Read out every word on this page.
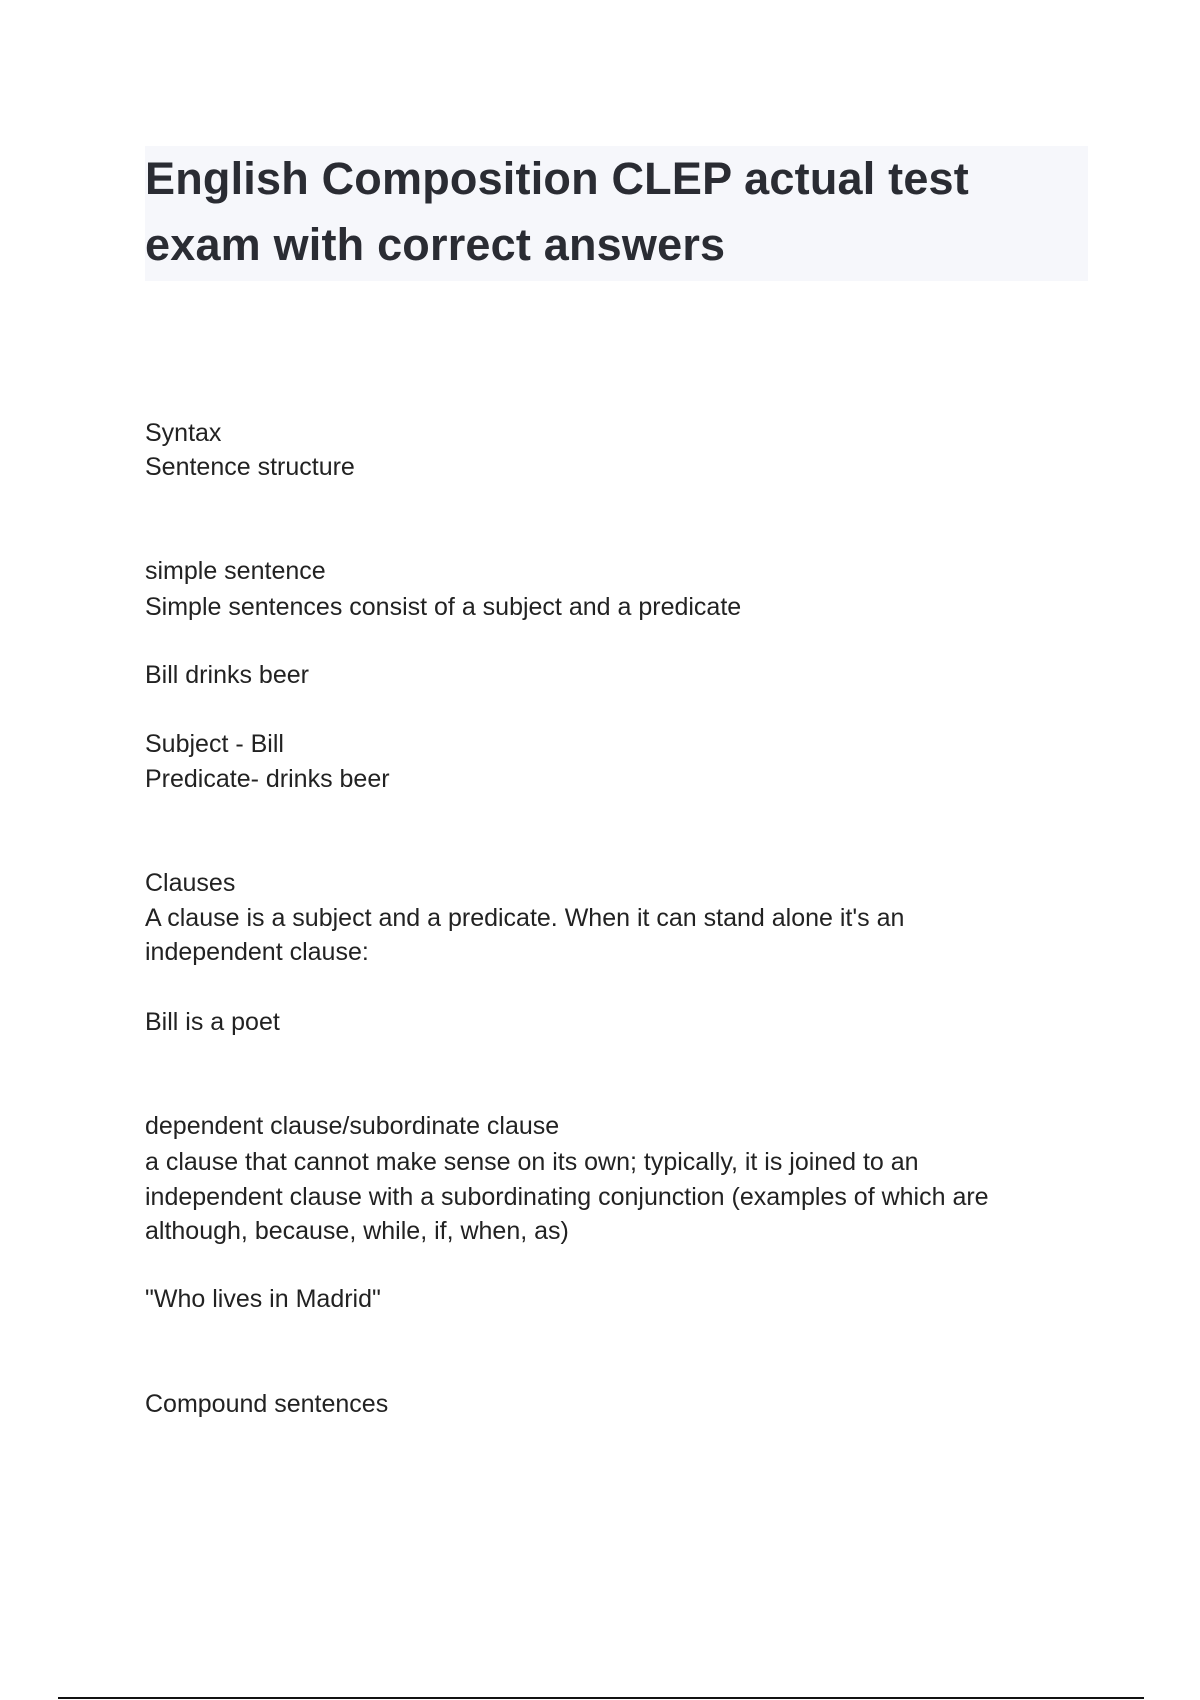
English Composition CLEP actual test exam with correct answers
Syntax
Sentence structure
simple sentence
Simple sentences consist of a subject and a predicate
Bill drinks beer
Subject - Bill
Predicate- drinks beer
Clauses
A clause is a subject and a predicate. When it can stand alone it's an
independent clause:
Bill is a poet
dependent clause/subordinate clause
a clause that cannot make sense on its own; typically, it is joined to an
independent clause with a subordinating conjunction (examples of which are
although, because, while, if, when, as)
"Who lives in Madrid"
Compound sentences
